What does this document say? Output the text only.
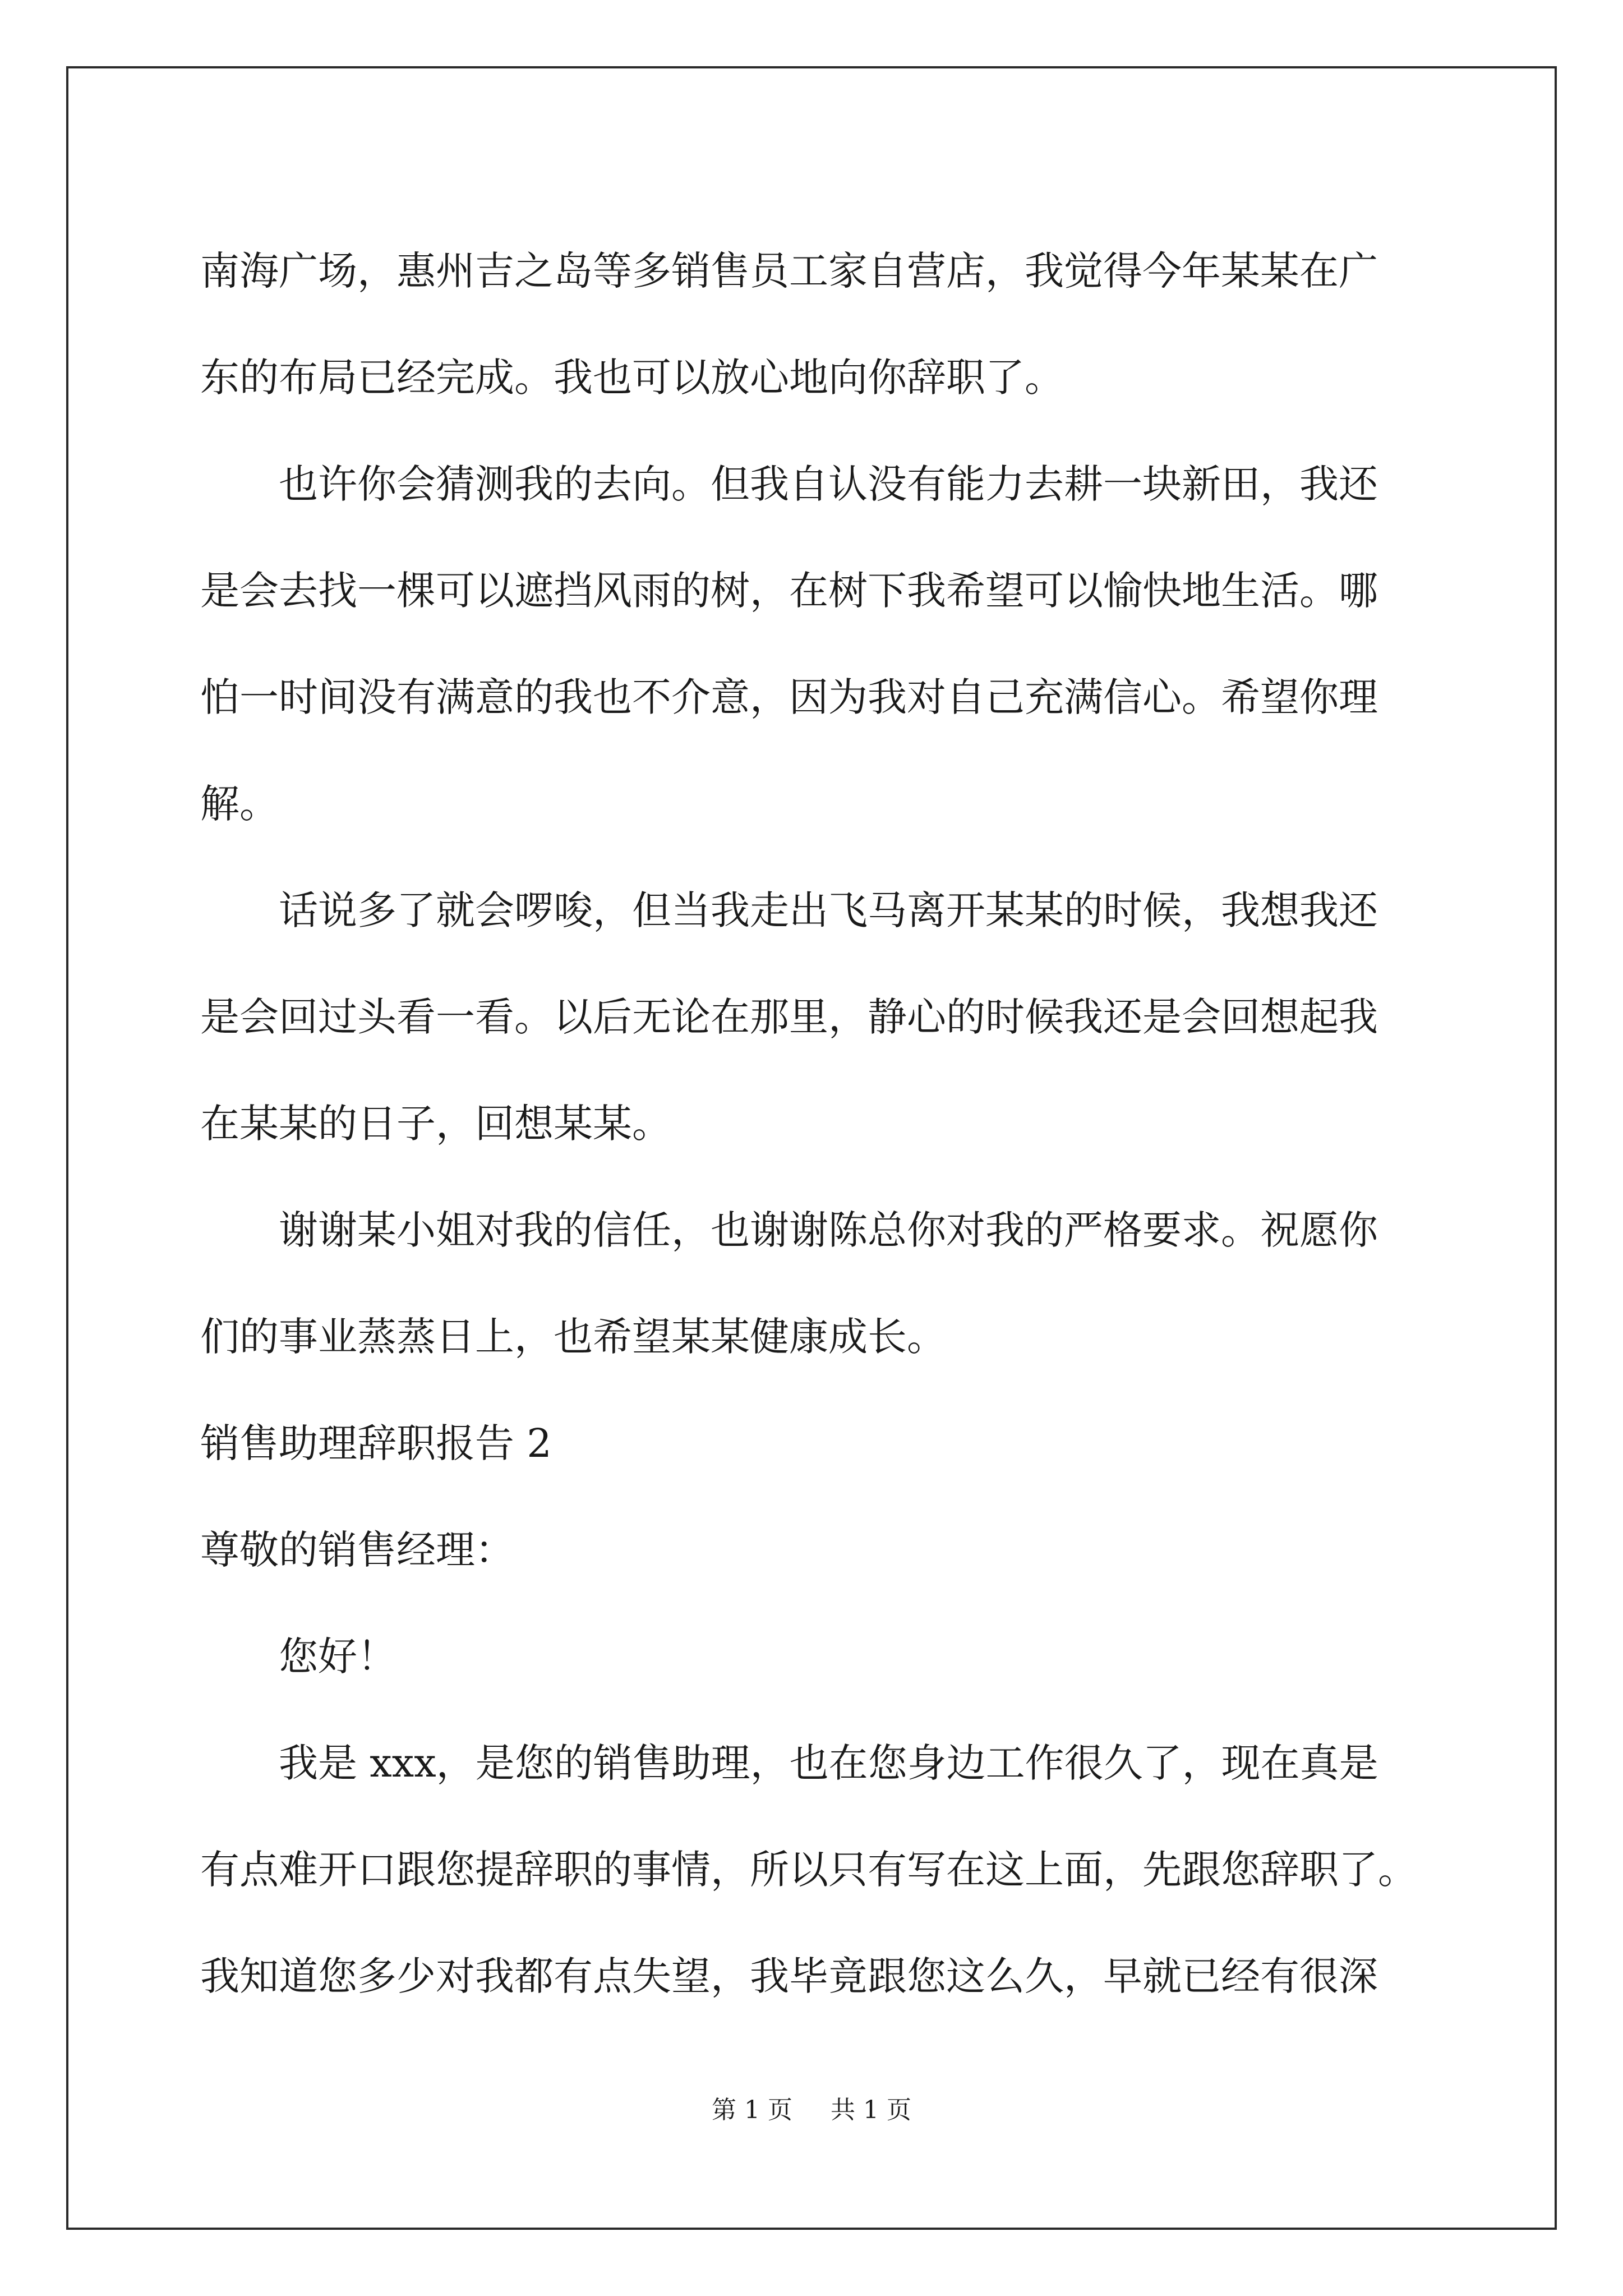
南海广场，惠州吉之岛等多销售员工家自营店，我觉得今年某某在广
东的布局已经完成。我也可以放心地向你辞职了。
也许你会猜测我的去向。但我自认没有能力去耕一块新田，我还
是会去找一棵可以遮挡风雨的树，在树下我希望可以愉快地生活。哪
怕一时间没有满意的我也不介意，因为我对自己充满信心。希望你理
解。
话说多了就会啰唆，但当我走出飞马离开某某的时候，我想我还
是会回过头看一看。以后无论在那里，静心的时候我还是会回想起我
在某某的日子，回想某某。
谢谢某小姐对我的信任，也谢谢陈总你对我的严格要求。祝愿你
们的事业蒸蒸日上，也希望某某健康成长。
销售助理辞职报告 2
尊敬的销售经理：
您好！
我是 xxx，是您的销售助理，也在您身边工作很久了，现在真是
有点难开口跟您提辞职的事情，所以只有写在这上面，先跟您辞职了。
我知道您多少对我都有点失望，我毕竟跟您这么久，早就已经有很深
第 1 页 共 1 页
